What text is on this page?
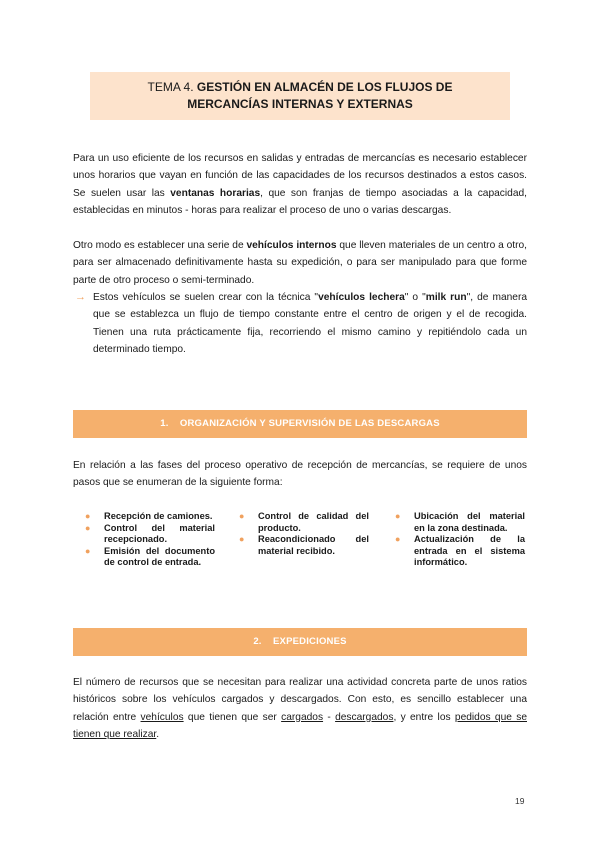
TEMA 4. GESTIÓN EN ALMACÉN DE LOS FLUJOS DE
MERCANCÍAS INTERNAS Y EXTERNAS

Para un uso eficiente de los recursos en salidas y entradas de mercancías es necesario establecer unos horarios que vayan en función de las capacidades de los recursos destinados a estos casos. Se suelen usar las ventanas horarias, que son franjas de tiempo asociadas a la capacidad, establecidas en minutos - horas para realizar el proceso de uno o varias descargas.

Otro modo es establecer una serie de vehículos internos que lleven materiales de un centro a otro, para ser almacenado definitivamente hasta su expedición, o para ser manipulado para que forme parte de otro proceso o semi-terminado.

→ Estos vehículos se suelen crear con la técnica "vehículos lechera" o "milk run", de manera que se establezca un flujo de tiempo constante entre el centro de origen y el de recogida. Tienen una ruta prácticamente fija, recorriendo el mismo camino y repitiéndolo cada un determinado tiempo.
1. ORGANIZACIÓN Y SUPERVISIÓN DE LAS DESCARGAS

En relación a las fases del proceso operativo de recepción de mercancías, se requiere de unos pasos que se enumeran de la siguiente forma:

● Recepción de camiones.
● Control del material recepcionado.
● Emisión del documento de control de entrada.
● Control de calidad del producto.
● Reacondicionado del material recibido.
● Ubicación del material en la zona destinada.
● Actualización de la entrada en el sistema informático.
2. EXPEDICIONES

El número de recursos que se necesitan para realizar una actividad concreta parte de unos ratios históricos sobre los vehículos cargados y descargados. Con esto, es sencillo establecer una relación entre vehículos que tienen que ser cargados - descargados, y entre los pedidos que se tienen que realizar.

19
